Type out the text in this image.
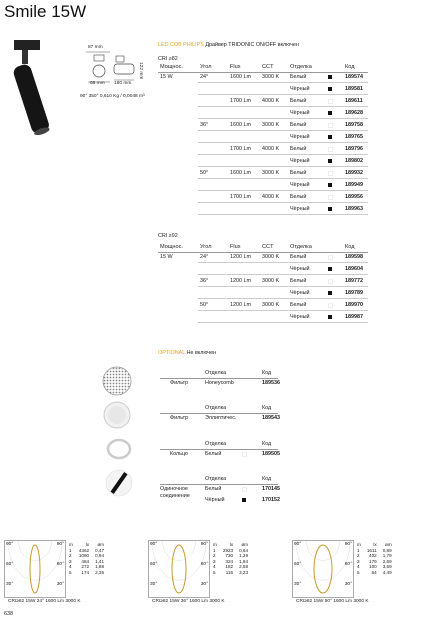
Smile 15W
87 mm
122 mm
66 mm 180 mm
90° 350° 0,610 Kg / 0,0048 m³
LED COB PHILIPS Драйвер TRIDONIC ON/OFF включен
CRI ≥82
Мощнос.	Угол	Flux	CCT	Отделка	Код
15 W	24°	1600 Lm 3000 K Белый	189574
Чёрный	189581
1700 Lm 4000 K Белый	189611
Чёрный	189628
36°	1600 Lm 3000 K Белый	189758
Чёрный	189765
1700 Lm 4000 K Белый	189796
Чёрный	189802
50°	1600 Lm 3000 K Белый	189932
Чёрный	189949
1700 Lm 4000 K Белый	189956
Чёрный	189963
CRI ≥92
Мощнос.	Угол	Flux	CCT	Отделка	Код
15 W	24°	1200 Lm 3000 K Белый	189598
Чёрный	189604
36°	1200 Lm 3000 K Белый	189772
Чёрный	189789
50°	1200 Lm 3000 K Белый	189970
Чёрный	189987
OPTIONAL Не включен
Отделка	Код
Фильтр	Honeycomb	189536
Отделка	Код
Фильтр	Эллиптичес.	189543
Отделка	Код
Кольцо	Белый	189505
Отделка	Код
Одиночное соединение
Белый	170145
Чёрный	170152
90°	90°
60°	60°
30°	30°
m	lx	øm
1	4362	0,47
2	1090	0,94
3	484	1,41
4	272	1,88
5	174	2,35
CRI≥82 15W 24° 1600 Lm 3000 K
90°	90°
60°	60°
30°	30°
m	lx	øm
1	2923	0,64
2	730	1,29
3	324	1,94
4	182	2,58
5	116	3,23
CRI≥82 15W 36° 1600 Lm 3000 K
90°	90°
60°	60°
30°	30°
m	lx	øm
1	1611	0,89
2	402	1,79
3	179	2,69
4	100	3,59
5	64	4,49
CRI≥82 15W 50° 1600 Lm 3000 K
638
